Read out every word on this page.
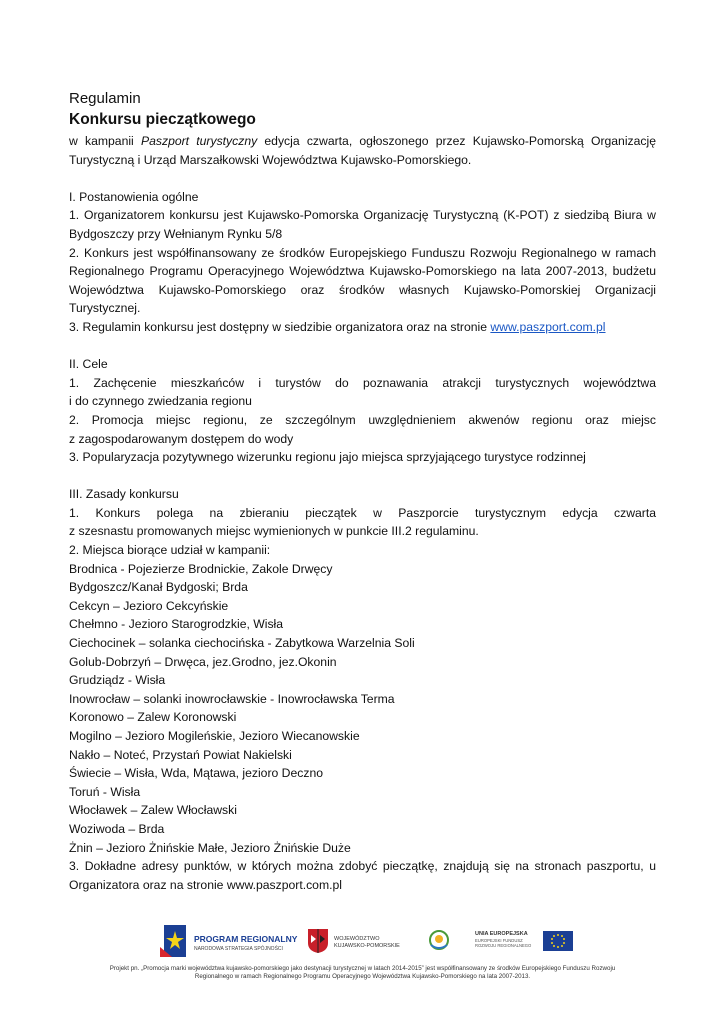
Regulamin

Konkursu pieczątkowego

w kampanii Paszport turystyczny edycja czwarta, ogłoszonego przez Kujawsko-Pomorską Organizację

Turystyczną i Urząd Marszałkowski Województwa Kujawsko-Pomorskiego.

I. Postanowienia ogólne

1. Organizatorem konkursu jest Kujawsko-Pomorska Organizację Turystyczną (K-POT) z siedzibą Biura w

Bydgoszczy przy Wełnianym Rynku 5/8

2. Konkurs jest współfinansowany ze środków Europejskiego Funduszu Rozwoju Regionalnego w ramach

Regionalnego Programu Operacyjnego Województwa Kujawsko-Pomorskiego na lata 2007-2013, budżetu

Województwa Kujawsko-Pomorskiego oraz środków własnych Kujawsko-Pomorskiej Organizacji

Turystycznej.

3. Regulamin konkursu jest dostępny w siedzibie organizatora oraz na stronie www.paszport.com.pl

II. Cele

1. Zachęcenie mieszkańców i turystów do poznawania atrakcji turystycznych województwa

i do czynnego zwiedzania regionu

2. Promocja miejsc regionu, ze szczególnym uwzględnieniem akwenów regionu oraz miejsc

z zagospodarowanym dostępem do wody

3. Popularyzacja pozytywnego wizerunku regionu jajo miejsca sprzyjającego turystyce rodzinnej

III. Zasady konkursu

1. Konkurs polega na zbieraniu pieczątek w Paszporcie turystycznym edycja czwarta

z szesnastu promowanych miejsc wymienionych w punkcie III.2 regulaminu.

2. Miejsca biorące udział w kampanii:

Brodnica - Pojezierze Brodnickie, Zakole Drwęcy

Bydgoszcz/Kanał Bydgoski; Brda

Cekcyn – Jezioro Cekcyńskie

Chełmno - Jezioro Starogrodzkie, Wisła

Ciechocinek – solanka ciechocińska - Zabytkowa Warzelnia Soli

Golub-Dobrzyń – Drwęca, jez.Grodno, jez.Okonin

Grudziądz - Wisła

Inowrocław – solanki inowrocławskie - Inowrocławska Terma

Koronowo – Zalew Koronowski

Mogilno – Jezioro Mogileńskie, Jezioro Wiecanowskie

Nakło – Noteć, Przystań Powiat Nakielski

Świecie – Wisła, Wda, Mątawa, jezioro Deczno

Toruń - Wisła

Włocławek – Zalew Włocławski

Woziwoda – Brda

Żnin – Jezioro Żnińskie Małe, Jezioro Żnińskie Duże

3. Dokładne adresy punktów, w których można zdobyć pieczątkę, znajdują się na stronach paszportu, u

Organizatora oraz na stronie www.paszport.com.pl

PROGRAM REGIONALNY
NARODOWA STRATEGIA SPÓJNOŚCI
WOJEWÓDZTWO
KUJAWSKO-POMORSKIE
UNIA EUROPEJSKA
EUROPEJSKI FUNDUSZ ROZWOJU REGIONALNEGO
Projekt pn. „Promocja marki województwa kujawsko-pomorskiego jako destynacji turystycznej w latach 2014-2015” jest współfinansowany ze środków Europejskiego Funduszu Rozwoju
Regionalnego w ramach Regionalnego Programu Operacyjnego Województwa Kujawsko-Pomorskiego na lata 2007-2013.
